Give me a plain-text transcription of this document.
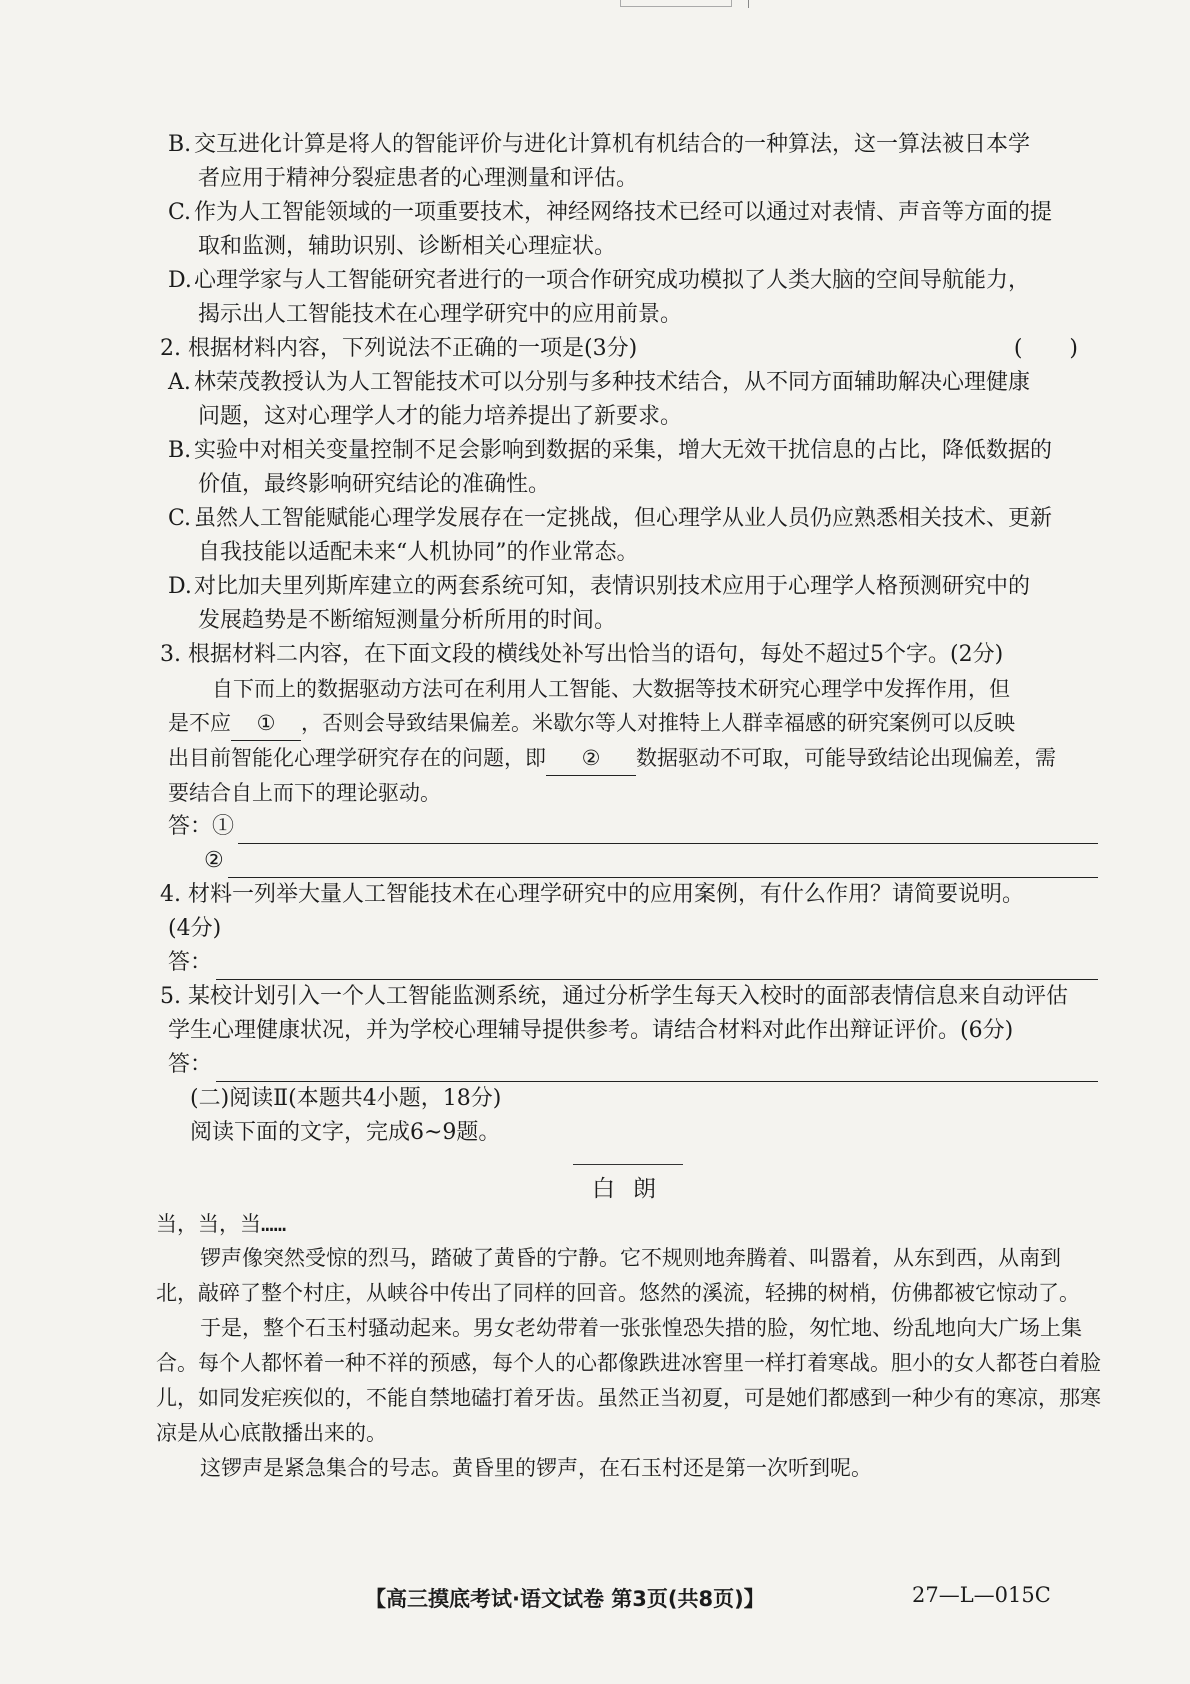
B. 交互进化计算是将人的智能评价与进化计算机有机结合的一种算法，这一算法被日本学

者应用于精神分裂症患者的心理测量和评估。

C. 作为人工智能领域的一项重要技术，神经网络技术已经可以通过对表情、声音等方面的提

取和监测，辅助识别、诊断相关心理症状。

D.心理学家与人工智能研究者进行的一项合作研究成功模拟了人类大脑的空间导航能力，

揭示出人工智能技术在心理学研究中的应用前景。

2. 根据材料内容，下列说法不正确的一项是(3分)	( )

A. 林荣茂教授认为人工智能技术可以分别与多种技术结合，从不同方面辅助解决心理健康

问题，这对心理学人才的能力培养提出了新要求。

B. 实验中对相关变量控制不足会影响到数据的采集，增大无效干扰信息的占比，降低数据的

价值，最终影响研究结论的准确性。

C. 虽然人工智能赋能心理学发展存在一定挑战，但心理学从业人员仍应熟悉相关技术、更新

自我技能以适配未来“人机协同”的作业常态。

D.对比加夫里列斯库建立的两套系统可知，表情识别技术应用于心理学人格预测研究中的

发展趋势是不断缩短测量分析所用的时间。

3. 根据材料二内容，在下面文段的横线处补写出恰当的语句，每处不超过5个字。(2分)

自下而上的数据驱动方法可在利用人工智能、大数据等技术研究心理学中发挥作用，但

是不应 ① ，否则会导致结果偏差。米歇尔等人对推特上人群幸福感的研究案例可以反映

出目前智能化心理学研究存在的问题，即 ② 数据驱动不可取，可能导致结论出现偏差，需

要结合自上而下的理论驱动。

答：①
②

4. 材料一列举大量人工智能技术在心理学研究中的应用案例，有什么作用？请简要说明。

(4分)

答：

5. 某校计划引入一个人工智能监测系统，通过分析学生每天入校时的面部表情信息来自动评估

学生心理健康状况，并为学校心理辅导提供参考。请结合材料对此作出辩证评价。(6分)

答：

(二)阅读Ⅱ(本题共4小题，18分)

阅读下面的文字，完成6~9题。

白朗

当，当，当……

锣声像突然受惊的烈马，踏破了黄昏的宁静。它不规则地奔腾着、叫嚣着，从东到西，从南到北，敲碎了整个村庄，从峡谷中传出了同样的回音。悠然的溪流，轻拂的树梢，仿佛都被它惊动了。

于是，整个石玉村骚动起来。男女老幼带着一张张惶恐失措的脸，匆忙地、纷乱地向大广场上集合。每个人都怀着一种不祥的预感，每个人的心都像跌进冰窖里一样打着寒战。胆小的女人都苍白着脸儿，如同发疟疾似的，不能自禁地磕打着牙齿。虽然正当初夏，可是她们都感到一种少有的寒凉，那寒凉是从心底散播出来的。

这锣声是紧急集合的号志。黄昏里的锣声，在石玉村还是第一次听到呢。

【高三摸底考试·语文试卷 第3页(共8页)】	27—L—015C
